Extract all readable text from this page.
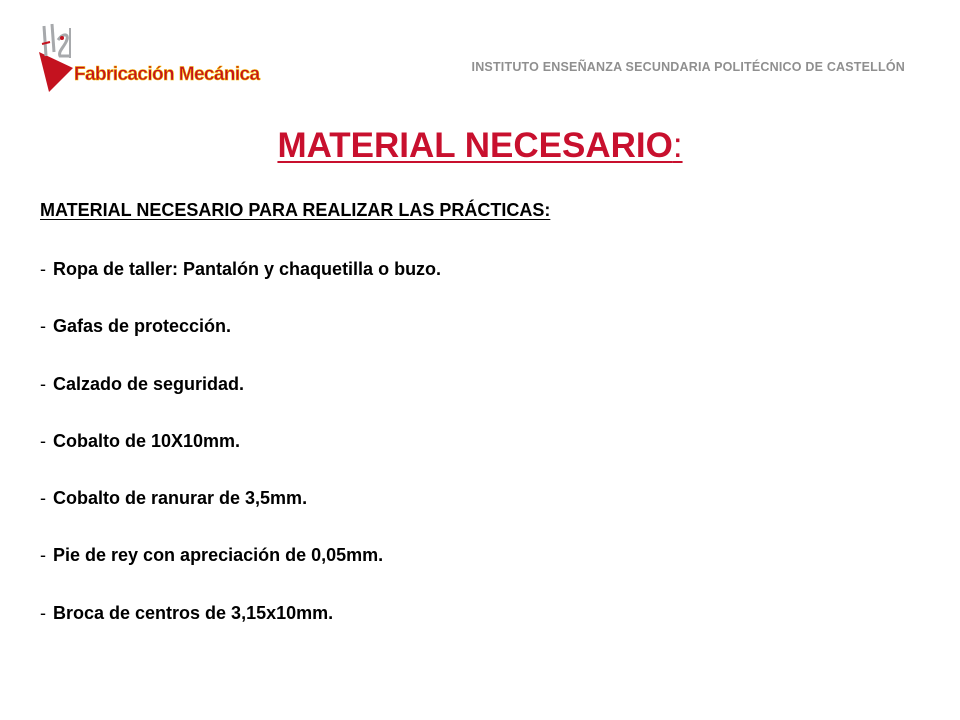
Fabricación Mecánica	INSTITUTO ENSEÑANZA SECUNDARIA POLITÉCNICO DE CASTELLÓN
MATERIAL NECESARIO:
MATERIAL NECESARIO PARA REALIZAR LAS PRÁCTICAS:
- Ropa de taller: Pantalón y chaquetilla o buzo.
- Gafas de protección.
- Calzado de seguridad.
- Cobalto de 10X10mm.
- Cobalto de ranurar de 3,5mm.
- Pie de rey con apreciación de 0,05mm.
- Broca de centros de 3,15x10mm.
